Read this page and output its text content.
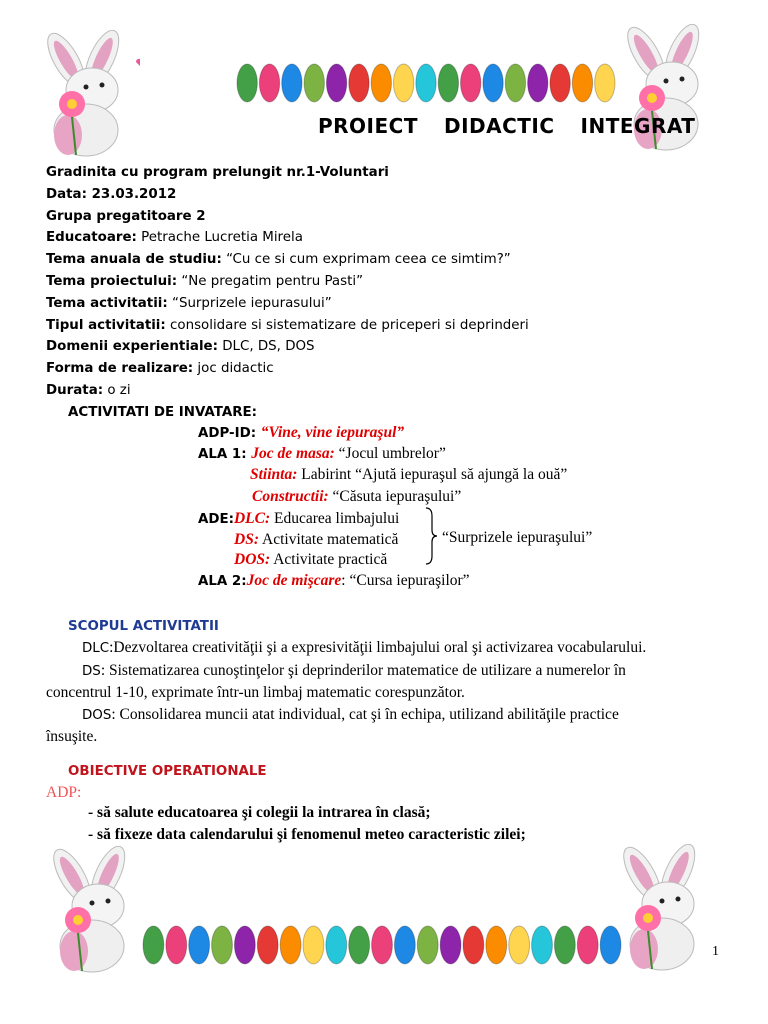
PROIECT DIDACTIC INTEGRAT
Gradinita cu program prelungit nr.1-Voluntari
Data: 23.03.2012
Grupa pregatitoare 2
Educatoare: Petrache Lucretia Mirela
Tema anuala de studiu: “Cu ce si cum exprimam ceea ce simtim?”
Tema proiectului: “Ne pregatim pentru Pasti”
Tema activitatii: “Surprizele iepurasului”
Tipul activitatii: consolidare si sistematizare de priceperi si deprinderi
Domenii experientiale: DLC, DS, DOS
Forma de realizare: joc didactic
Durata: o zi
ACTIVITATI DE INVATARE:
ADP-ID: “Vine, vine iepuraşul”
ALA 1: Joc de masa: “Jocul umbrelor”
Stiinta: Labirint “Ajută iepuraşul să ajungă la ouă”
Constructii: “Căsuta iepuraşului”
ADE:DLC: Educarea limbajului
DS: Activitate matematică
DOS: Activitate practică
“Surprizele iepuraşului”
ALA 2:Joc de mişcare: “Cursa iepuraşilor”
SCOPUL ACTIVITATII
DLC:Dezvoltarea creativităţii şi a expresivităţii limbajului oral şi activizarea vocabularului.
DS: Sistematizarea cunoştinţelor şi deprinderilor matematice de utilizare a numerelor în
concentrul 1-10, exprimate într-un limbaj matematic corespunzător.
DOS: Consolidarea muncii atat individual, cat şi în echipa, utilizand abilităţile practice
însuşite.
OBIECTIVE OPERATIONALE
ADP:
- să salute educatoarea şi colegii la intrarea în clasă;
- să fixeze data calendarului şi fenomenul meteo caracteristic zilei;
1
